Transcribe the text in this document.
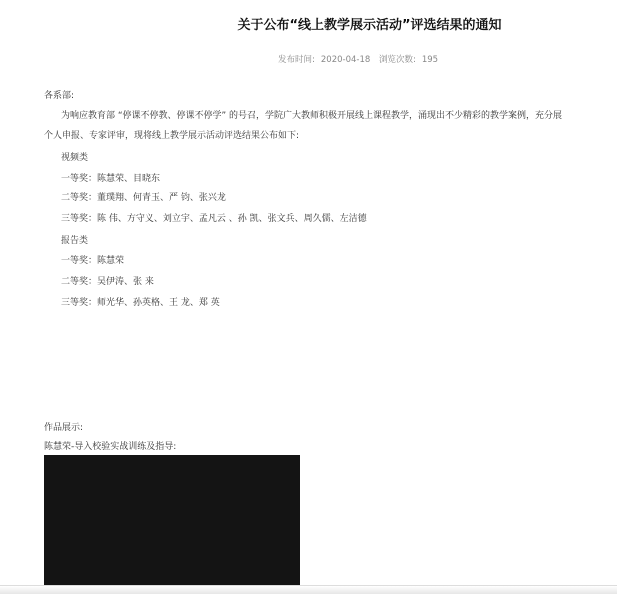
关于公布“线上教学展示活动”评选结果的通知
发布时间: 2020-04-18 浏览次数: 195
各系部:
为响应教育部 “停课不停教、停课不停学” 的号召，学院广大教师积极开展线上课程教学，涌现出不少精彩的教学案例，充分展
个人申报、专家评审，现将线上教学展示活动评选结果公布如下:
视频类
一等奖：陈慧荣、目晓东
二等奖：董璞翔、何青玉、严 钧、张兴龙
三等奖：陈 伟、方守义、刘立宇、孟凡云 、孙 凯、张文兵、周久儒、左洁德
报告类
一等奖：陈慧荣
二等奖：吴伊涛、张 来
三等奖：师光华、孙英格、王 龙、郑 英
作品展示:
陈慧荣-导入校验实战训练及指导:
